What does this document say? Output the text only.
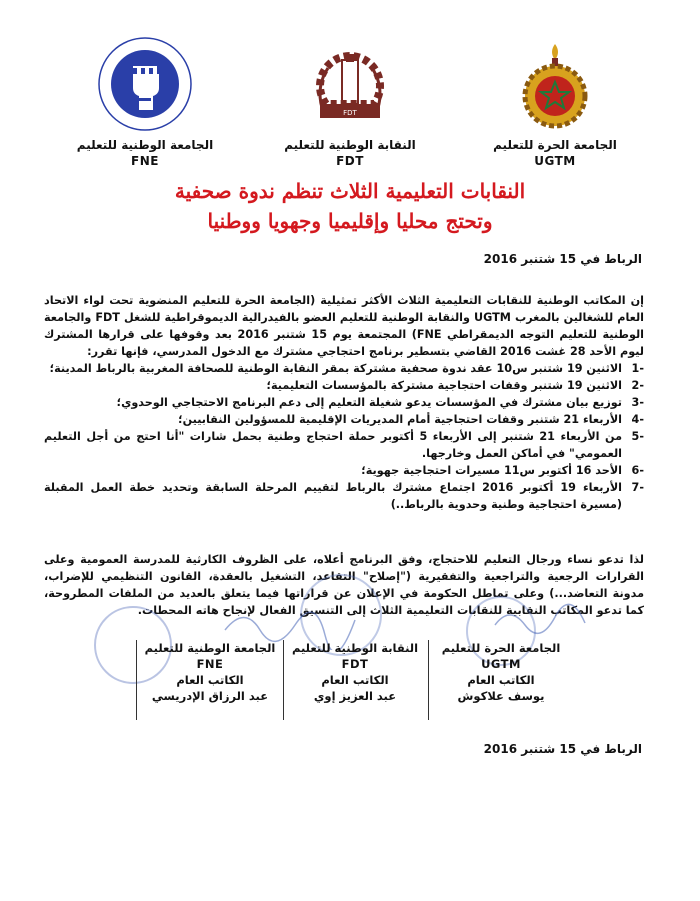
الجامعة الوطنية للتعليم
FNE
FDT
النقابة الوطنية للتعليم
FDT
الجامعة الحرة للتعليم
UGTM
النقابات التعليمية الثلاث تنظم ندوة صحفية
وتحتج محليا وإقليميا وجهويا ووطنيا
الرباط في 15 شتنبر 2016

إن المكاتب الوطنية للنقابات التعليمية الثلاث الأكثر تمثيلية (الجامعة الحرة للتعليم المنضوية تحت لواء الاتحاد العام للشغالين بالمغرب UGTM والنقابة الوطنية للتعليم العضو بالفيدرالية الديموقراطية للشغل FDT والجامعة الوطنية للتعليم التوجه الديمقراطي FNE) المجتمعة يوم 15 شتنبر 2016 بعد وقوفها على قرارها المشترك ليوم الأحد 28 غشت 2016 القاضي بتسطير برنامج احتجاجي مشترك مع الدخول المدرسي، فإنها تقرر:

-1
الاثنين 19 شتنبر س10 عقد ندوة صحفية مشتركة بمقر النقابة الوطنية للصحافة المغربية بالرباط المدينة؛
-2
الاثنين 19 شتنبر وقفات احتجاجية مشتركة بالمؤسسات التعليمية؛
-3
توزيع بيان مشترك في المؤسسات يدعو شغيلة التعليم إلى دعم البرنامج الاحتجاجي الوحدوي؛
-4
الأربعاء 21 شتنبر وقفات احتجاجية أمام المديريات الإقليمية للمسؤولين النقابيين؛
-5
من الأربعاء 21 شتنبر إلى الأربعاء 5 أكتوبر حملة احتجاج وطنية بحمل شارات "أنا احتج من أجل التعليم العمومي" في أماكن العمل وخارجها.
-6
الأحد 16 أكتوبر س11 مسيرات احتجاجية جهوية؛
-7
الأربعاء 19 أكتوبر 2016 اجتماع مشترك بالرباط لتقييم المرحلة السابقة وتحديد خطة العمل المقبلة (مسيرة احتجاجية وطنية وحدوية بالرباط..)

لذا تدعو نساء ورجال التعليم للاحتجاج، وفق البرنامج أعلاه، على الظروف الكارثية للمدرسة العمومية وعلى القرارات الرجعية والتراجعية والتفقيرية ("إصلاح" التقاعد، التشغيل بالعقدة، القانون التنظيمي للإضراب، مدونة التعاضد...) وعلى تماطل الحكومة في الإعلان عن قراراتها فيما يتعلق بالعديد من الملفات المطروحة، كما تدعو المكاتب النقابية للنقابات التعليمية الثلاث إلى التنسيق الفعال لإنجاح هاته المحطات.

الجامعة الحرة للتعليم
UGTM
الكاتب العام
يوسف علاكوش
النقابة الوطنية للتعليم
FDT
الكاتب العام
عبد العزيز إوي
الجامعة الوطنية للتعليم
FNE
الكاتب العام
عبد الرزاق الإدريسي
الرباط في 15 شتنبر 2016
